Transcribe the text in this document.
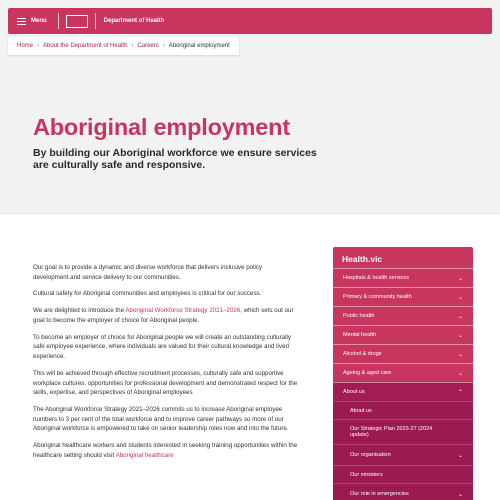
Menu	Department of Health
Home › About the Department of Health › Careers › Aboriginal employment
Aboriginal employment

By building our Aboriginal workforce we ensure services are culturally safe and responsive.

Our goal is to provide a dynamic and diverse workforce that delivers inclusive policy development and service delivery to our communities.

Cultural safety for Aboriginal communities and employees is critical for our success.

We are delighted to introduce the Aboriginal Workforce Strategy 2021–2026, which sets out our goal to become the employer of choice for Aboriginal people.

To become an employer of choice for Aboriginal people we will create an outstanding culturally safe employee experience, where individuals are valued for their cultural knowledge and lived experience.

This will be achieved through effective recruitment processes, culturally safe and supportive workplace cultures, opportunities for professional development and demonstrated respect for the skills, expertise, and perspectives of Aboriginal employees

The Aboriginal Workforce Strategy 2021–2026 commits us to increase Aboriginal employee numbers to 3 per cent of the total workforce and to improve career pathways so more of our Aboriginal workforce is empowered to take on senior leadership roles now and into the future.

Aboriginal healthcare workers and students interested in seeking training opportunities within the healthcare setting should visit Aboriginal healthcare

Health.vic
Hospitals & health services	⌄
Primary & community health	⌄
Public health	⌄
Mental health	⌄
Alcohol & drugs	⌄
Ageing & aged care	⌄
About us	⌃
About us
Our Strategic Plan 2023-27 (2024 update)
Our organisation	⌄
Our ministers
Our role in emergencies	⌄
